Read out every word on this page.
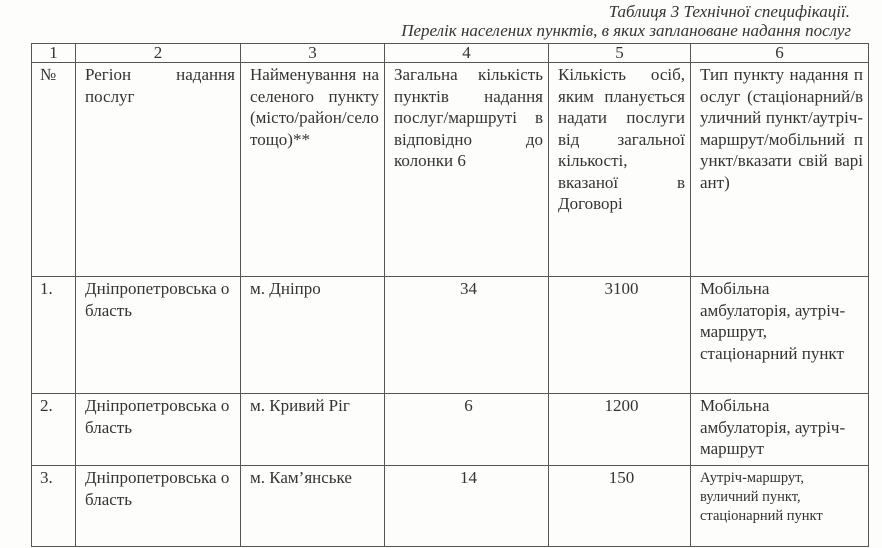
Таблиця 3 Технічної специфікації.
Перелік населених пунктів, в яких заплановане надання послуг
1	2	3	4	5	6
№	Регіон надання послуг	Найменування населеного пункту (місто/район/село тощо)**	Загальна кількість пунктів надання послуг/маршруті в відповідно до колонки 6	Кількість осіб, яким планується надати послуги від загальної кількості, вказаної в Договорі	Тип пункту надання послуг (стаціонарний/вуличний пункт/аутріч-маршрут/мобільний пункт/вказати свій варіант)
1.	Дніпропетровська область	м. Дніпро	34	3100	Мобільна амбулаторія, аутріч-маршрут, стаціонарний пункт
2.	Дніпропетровська область	м. Кривий Ріг	6	1200	Мобільна амбулаторія, аутріч-маршрут
3.	Дніпропетровська область	м. Кам’янське	14	150	Аутріч-маршрут, вуличний пункт, стаціонарний пункт
